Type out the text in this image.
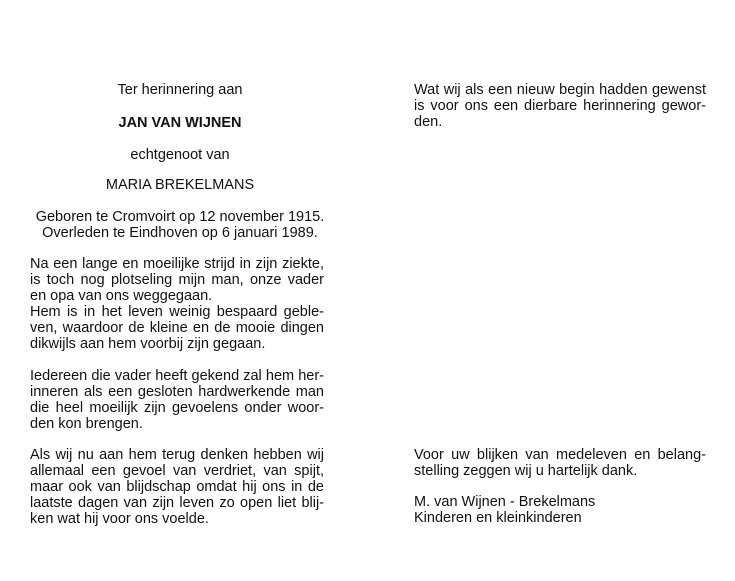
Ter herinnering aan
JAN VAN WIJNEN
echtgenoot van
MARIA BREKELMANS
Geboren te Cromvoirt op 12 november 1915.
Overleden te Eindhoven op 6 januari 1989.
Na een lange en moeilijke strijd in zijn ziekte,
is toch nog plotseling mijn man, onze vader
en opa van ons weggegaan.
Hem is in het leven weinig bespaard geble-
ven, waardoor de kleine en de mooie dingen
dikwijls aan hem voorbij zijn gegaan.
Iedereen die vader heeft gekend zal hem her-
inneren als een gesloten hardwerkende man
die heel moeilijk zijn gevoelens onder woor-
den kon brengen.
Als wij nu aan hem terug denken hebben wij
allemaal een gevoel van verdriet, van spijt,
maar ook van blijdschap omdat hij ons in de
laatste dagen van zijn leven zo open liet blij-
ken wat hij voor ons voelde.
Wat wij als een nieuw begin hadden gewenst
is voor ons een dierbare herinnering gewor-
den.
Voor uw blijken van medeleven en belang-
stelling zeggen wij u hartelijk dank.
M. van Wijnen - Brekelmans
Kinderen en kleinkinderen
